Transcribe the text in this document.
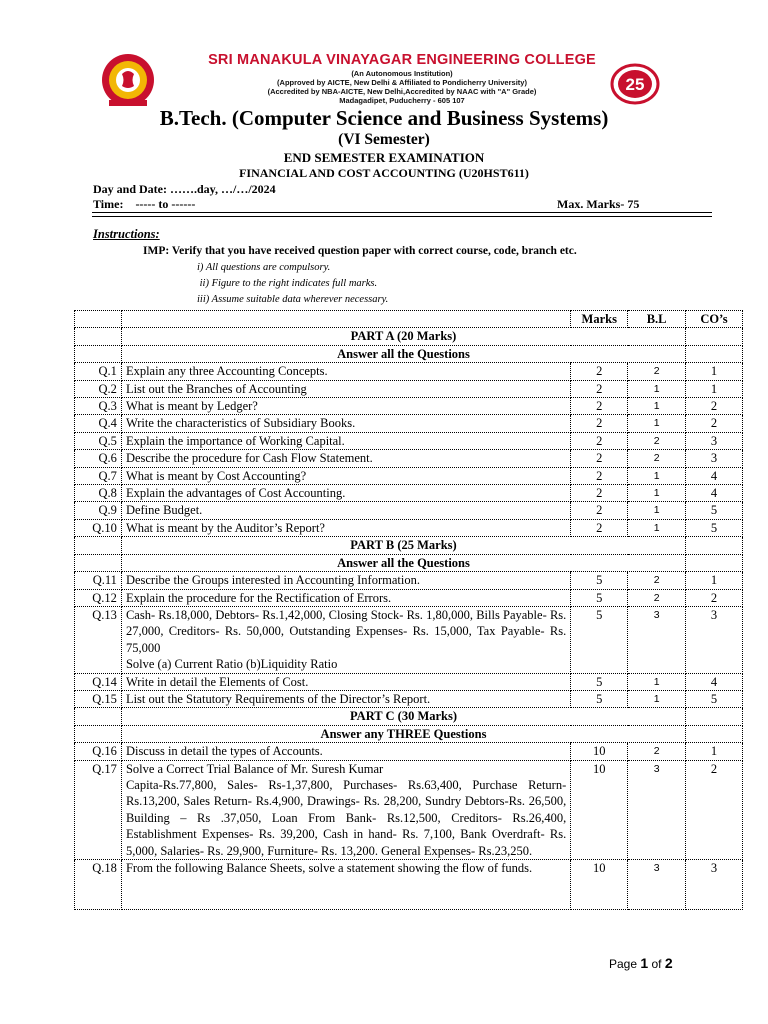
SRI MANAKULA VINAYAGAR ENGINEERING COLLEGE
(An Autonomous Institution)
(Approved by AICTE, New Delhi & Affiliated to Pondicherry University)
(Accredited by NBA-AICTE, New Delhi,Accredited by NAAC with "A" Grade)
Madagadipet, Puducherry - 605 107
25
B.Tech. (Computer Science and Business Systems)
(VI Semester)
END SEMESTER EXAMINATION
FINANCIAL AND COST ACCOUNTING (U20HST611)
Day and Date: …….day, …/…/2024
Time:    ----- to ------	Max. Marks- 75
Instructions:
IMP: Verify that you have received question paper with correct course, code, branch etc.
i) All questions are compulsory.
ii) Figure to the right indicates full marks.
iii) Assume suitable data wherever necessary.
		Marks	B.L	CO’s
	PART A (20 Marks)			
	Answer all the Questions			
Q.1	Explain any three Accounting Concepts.	2	2	1
Q.2	List out the Branches of Accounting	2	1	1
Q.3	What is meant by Ledger?	2	1	2
Q.4	Write the characteristics of Subsidiary Books.	2	1	2
Q.5	Explain the importance of Working Capital.	2	2	3
Q.6	Describe the procedure for Cash Flow Statement.	2	2	3
Q.7	What is meant by Cost Accounting?	2	1	4
Q.8	Explain the advantages of Cost Accounting.	2	1	4
Q.9	Define Budget.	2	1	5
Q.10	What is meant by the Auditor’s Report?	2	1	5
	PART B (25 Marks)			
	Answer all the Questions			
Q.11	Describe the Groups interested in Accounting Information.	5	2	1
Q.12	Explain the procedure for the Rectification of Errors.	5	2	2
Q.13	Cash- Rs.18,000, Debtors- Rs.1,42,000, Closing Stock- Rs. 1,80,000, Bills Payable- Rs. 27,000, Creditors- Rs. 50,000, Outstanding Expenses- Rs. 15,000, Tax Payable- Rs. 75,000
Solve (a) Current Ratio (b)Liquidity Ratio	5	3	3
Q.14	Write in detail the Elements of Cost.	5	1	4
Q.15	List out the Statutory Requirements of the Director’s Report.	5	1	5
	PART C (30 Marks)			
	Answer any THREE Questions			
Q.16	Discuss in detail the types of Accounts.	10	2	1
Q.17	Solve a Correct Trial Balance of Mr. Suresh Kumar
Capita-Rs.77,800, Sales- Rs-1,37,800, Purchases- Rs.63,400, Purchase Return- Rs.13,200, Sales Return- Rs.4,900, Drawings- Rs. 28,200, Sundry Debtors-Rs. 26,500, Building – Rs .37,050, Loan From Bank- Rs.12,500, Creditors- Rs.26,400, Establishment Expenses- Rs. 39,200, Cash in hand- Rs. 7,100, Bank Overdraft- Rs. 5,000, Salaries- Rs. 29,900, Furniture- Rs. 13,200. General Expenses- Rs.23,250.	10	3	2
Q.18	From the following Balance Sheets, solve a statement showing the flow of funds.	10	3	3
Page 1 of 2
